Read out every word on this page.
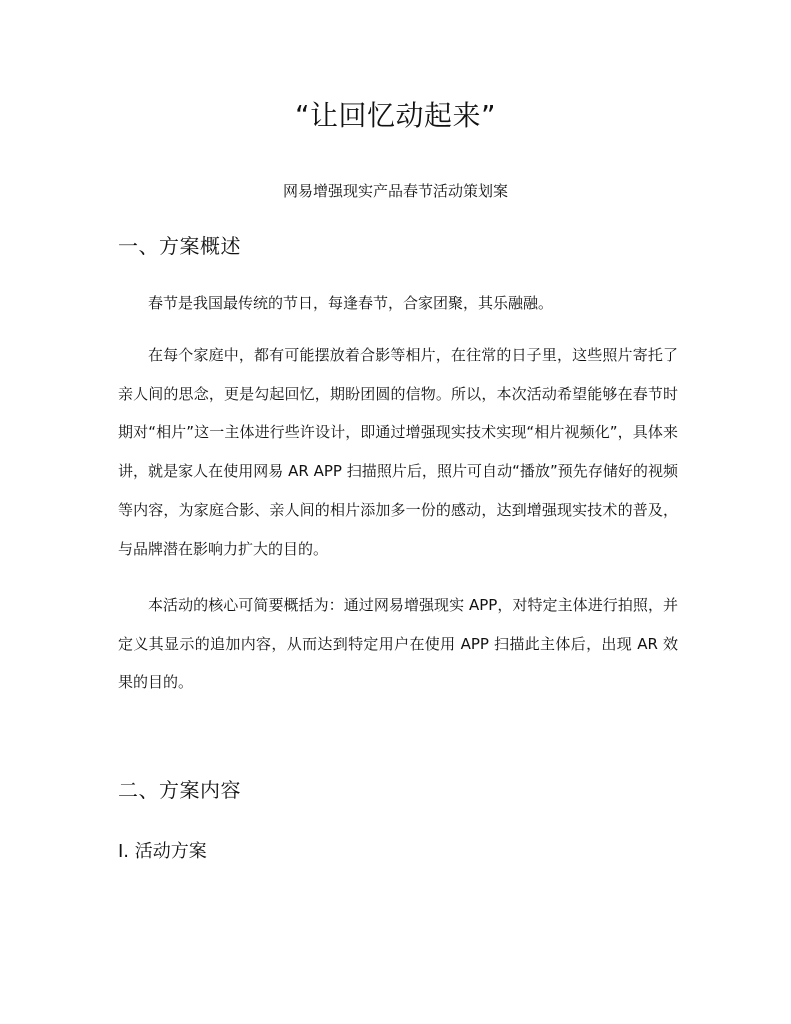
“让回忆动起来”
网易增强现实产品春节活动策划案
一、方案概述

春节是我国最传统的节日，每逢春节，合家团聚，其乐融融。

在每个家庭中，都有可能摆放着合影等相片，在往常的日子里，这些照片寄托了亲人间的思念，更是勾起回忆，期盼团圆的信物。所以，本次活动希望能够在春节时期对“相片”这一主体进行些许设计，即通过增强现实技术实现“相片视频化”，具体来讲，就是家人在使用网易 AR APP 扫描照片后，照片可自动“播放”预先存储好的视频等内容，为家庭合影、亲人间的相片添加多一份的感动，达到增强现实技术的普及，与品牌潜在影响力扩大的目的。

本活动的核心可简要概括为：通过网易增强现实 APP，对特定主体进行拍照，并定义其显示的追加内容，从而达到特定用户在使用 APP 扫描此主体后，出现 AR 效果的目的。

二、方案内容
Ⅰ. 活动方案
